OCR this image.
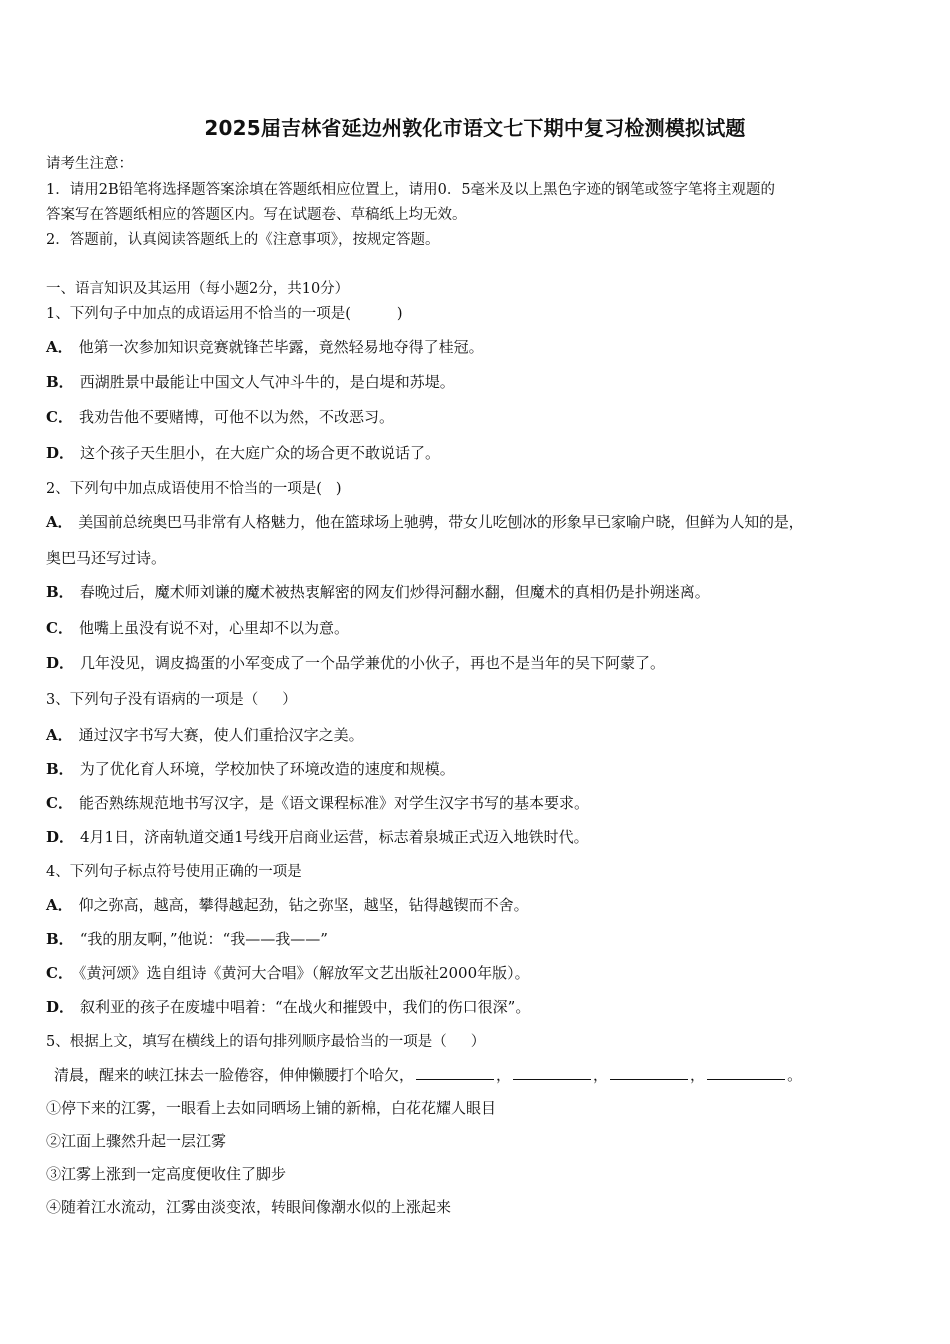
2025届吉林省延边州敦化市语文七下期中复习检测模拟试题
请考生注意：
1．请用2B铅笔将选择题答案涂填在答题纸相应位置上，请用0．5毫米及以上黑色字迹的钢笔或签字笔将主观题的
答案写在答题纸相应的答题区内。写在试题卷、草稿纸上均无效。
2．答题前，认真阅读答题纸上的《注意事项》，按规定答题。
一、语言知识及其运用（每小题2分，共10分）
1、下列句子中加点的成语运用不恰当的一项是(	)
A． 他第一次参加知识竞赛就锋芒毕露，竟然轻易地夺得了桂冠。
B． 西湖胜景中最能让中国文人气冲斗牛的，是白堤和苏堤。
C． 我劝告他不要赌博，可他不以为然，不改恶习。
D． 这个孩子天生胆小，在大庭广众的场合更不敢说话了。
2、下列句中加点成语使用不恰当的一项是( )
A． 美国前总统奥巴马非常有人格魅力，他在篮球场上驰骋，带女儿吃刨冰的形象早已家喻户晓，但鲜为人知的是，
奥巴马还写过诗。
B． 春晚过后，魔术师刘谦的魔术被热衷解密的网友们炒得河翻水翻，但魔术的真相仍是扑朔迷离。
C． 他嘴上虽没有说不对，心里却不以为意。
D． 几年没见，调皮捣蛋的小军变成了一个品学兼优的小伙子，再也不是当年的吴下阿蒙了。
3、下列句子没有语病的一项是（ ）
A． 通过汉字书写大赛，使人们重拾汉字之美。
B． 为了优化育人环境，学校加快了环境改造的速度和规模。
C． 能否熟练规范地书写汉字，是《语文课程标准》对学生汉字书写的基本要求。
D． 4月1日，济南轨道交通1号线开启商业运营，标志着泉城正式迈入地铁时代。
4、下列句子标点符号使用正确的一项是
A． 仰之弥高，越高，攀得越起劲，钻之弥坚，越坚，钻得越锲而不舍。
B． “我的朋友啊，”他说：“我——我——”
C． 《黄河颂》选自组诗《黄河大合唱》（解放军文艺出版社2000年版）。
D． 叙利亚的孩子在废墟中唱着：“在战火和摧毁中，我们的伤口很深”。
5、根据上文，填写在横线上的语句排列顺序最恰当的一项是（ ）
清晨，醒来的峡江抹去一脸倦容，伸伸懒腰打个哈欠，	，	，	，	。
①停下来的江雾，一眼看上去如同晒场上铺的新棉，白花花耀人眼目
②江面上骤然升起一层江雾
③江雾上涨到一定高度便收住了脚步
④随着江水流动，江雾由淡变浓，转眼间像潮水似的上涨起来
